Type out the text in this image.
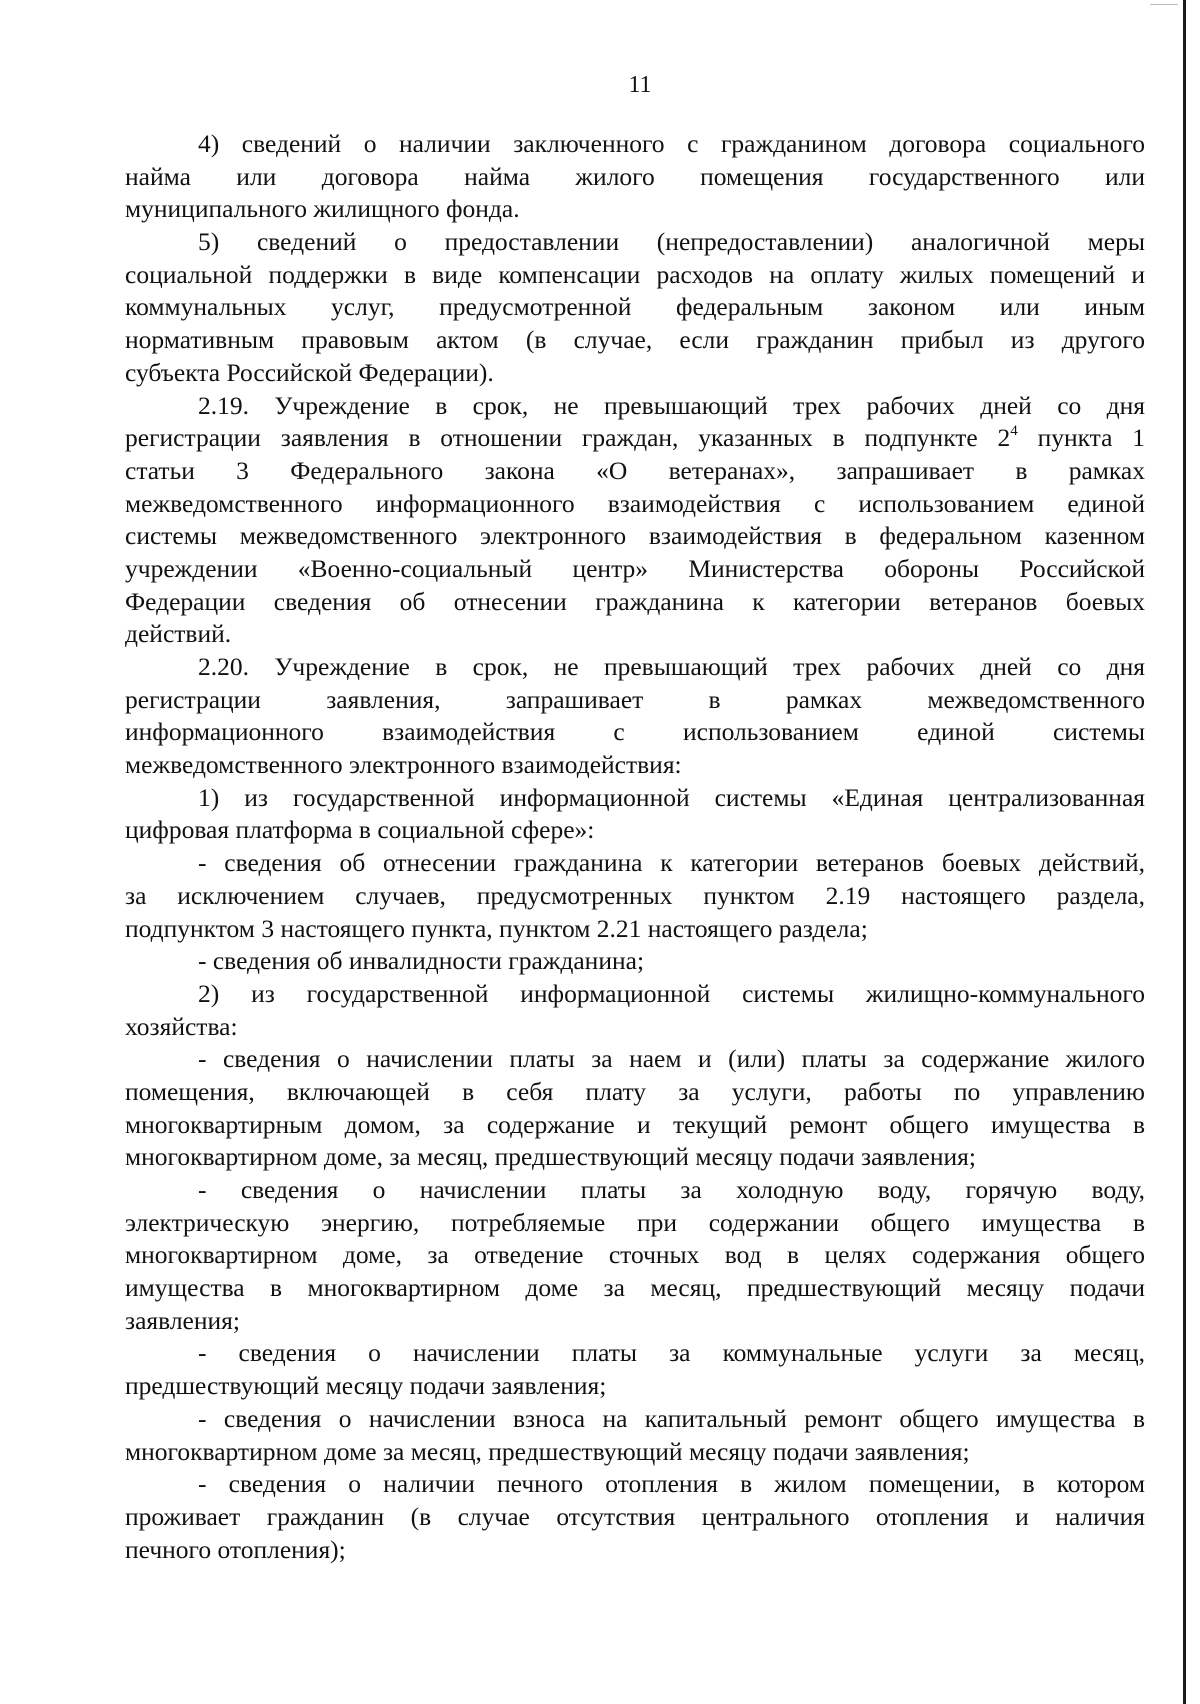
11
4) сведений о наличии заключенного с гражданином договора социального
найма или договора найма жилого помещения государственного или
муниципального жилищного фонда.
5) сведений о предоставлении (непредоставлении) аналогичной меры
социальной поддержки в виде компенсации расходов на оплату жилых помещений и
коммунальных услуг, предусмотренной федеральным законом или иным
нормативным правовым актом (в случае, если гражданин прибыл из другого
субъекта Российской Федерации).
2.19. Учреждение в срок, не превышающий трех рабочих дней со дня
регистрации заявления в отношении граждан, указанных в подпункте $2^4$ пункта 1
статьи 3 Федерального закона «О ветеранах», запрашивает в рамках
межведомственного информационного взаимодействия с использованием единой
системы межведомственного электронного взаимодействия в федеральном казенном
учреждении «Военно-социальный центр» Министерства обороны Российской
Федерации сведения об отнесении гражданина к категории ветеранов боевых
действий.
2.20. Учреждение в срок, не превышающий трех рабочих дней со дня
регистрации заявления, запрашивает в рамках межведомственного
информационного взаимодействия с использованием единой системы
межведомственного электронного взаимодействия:
1) из государственной информационной системы «Единая централизованная
цифровая платформа в социальной сфере»:
- сведения об отнесении гражданина к категории ветеранов боевых действий,
за исключением случаев, предусмотренных пунктом 2.19 настоящего раздела,
подпунктом 3 настоящего пункта, пунктом 2.21 настоящего раздела;
- сведения об инвалидности гражданина;
2) из государственной информационной системы жилищно-коммунального
хозяйства:
- сведения о начислении платы за наем и (или) платы за содержание жилого
помещения, включающей в себя плату за услуги, работы по управлению
многоквартирным домом, за содержание и текущий ремонт общего имущества в
многоквартирном доме, за месяц, предшествующий месяцу подачи заявления;
- сведения о начислении платы за холодную воду, горячую воду,
электрическую энергию, потребляемые при содержании общего имущества в
многоквартирном доме, за отведение сточных вод в целях содержания общего
имущества в многоквартирном доме за месяц, предшествующий месяцу подачи
заявления;
- сведения о начислении платы за коммунальные услуги за месяц,
предшествующий месяцу подачи заявления;
- сведения о начислении взноса на капитальный ремонт общего имущества в
многоквартирном доме за месяц, предшествующий месяцу подачи заявления;
- сведения о наличии печного отопления в жилом помещении, в котором
проживает гражданин (в случае отсутствия центрального отопления и наличия
печного отопления);
